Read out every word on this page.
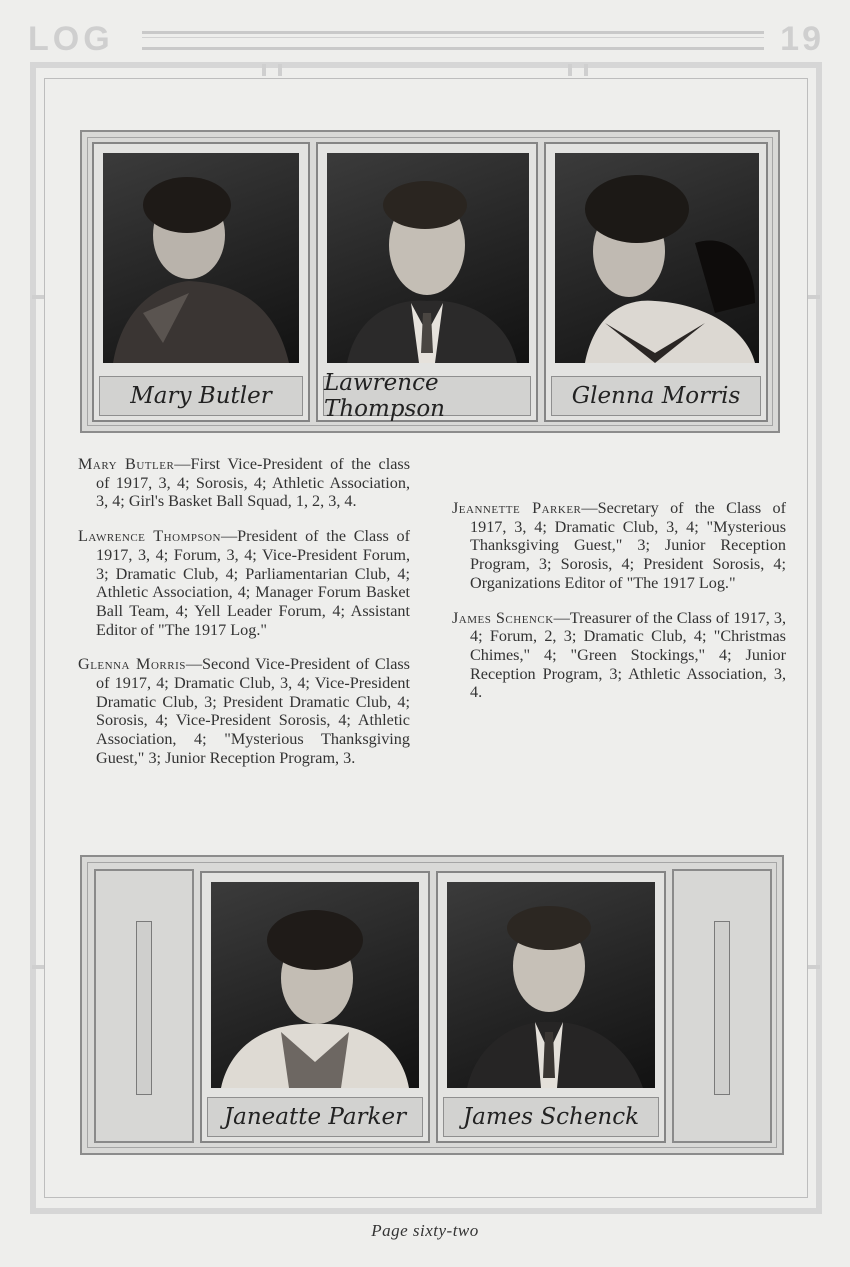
LOG	19
Mary Butler	Lawrence Thompson	Glenna Morris

Mary Butler—First Vice-President of the class of 1917, 3, 4; Sorosis, 4; Athletic Association, 3, 4; Girl's Basket Ball Squad, 1, 2, 3, 4.

Lawrence Thompson—President of the Class of 1917, 3, 4; Forum, 3, 4; Vice-President Forum, 3; Dramatic Club, 4; Parliamentarian Club, 4; Athletic Association, 4; Manager Forum Basket Ball Team, 4; Yell Leader Forum, 4; Assistant Editor of "The 1917 Log."

Glenna Morris—Second Vice-President of Class of 1917, 4; Dramatic Club, 3, 4; Vice-President Dramatic Club, 3; President Dramatic Club, 4; Sorosis, 4; Vice-President Sorosis, 4; Athletic Association, 4; "Mysterious Thanksgiving Guest," 3; Junior Reception Program, 3.

Jeannette Parker—Secretary of the Class of 1917, 3, 4; Dramatic Club, 3, 4; "Mysterious Thanksgiving Guest," 3; Junior Reception Program, 3; Sorosis, 4; President Sorosis, 4; Organizations Editor of "The 1917 Log."

James Schenck—Treasurer of the Class of 1917, 3, 4; Forum, 2, 3; Dramatic Club, 4; "Christmas Chimes," 4; "Green Stockings," 4; Junior Reception Program, 3; Athletic Association, 3, 4.

Janeatte Parker	James Schenck
Page sixty-two
